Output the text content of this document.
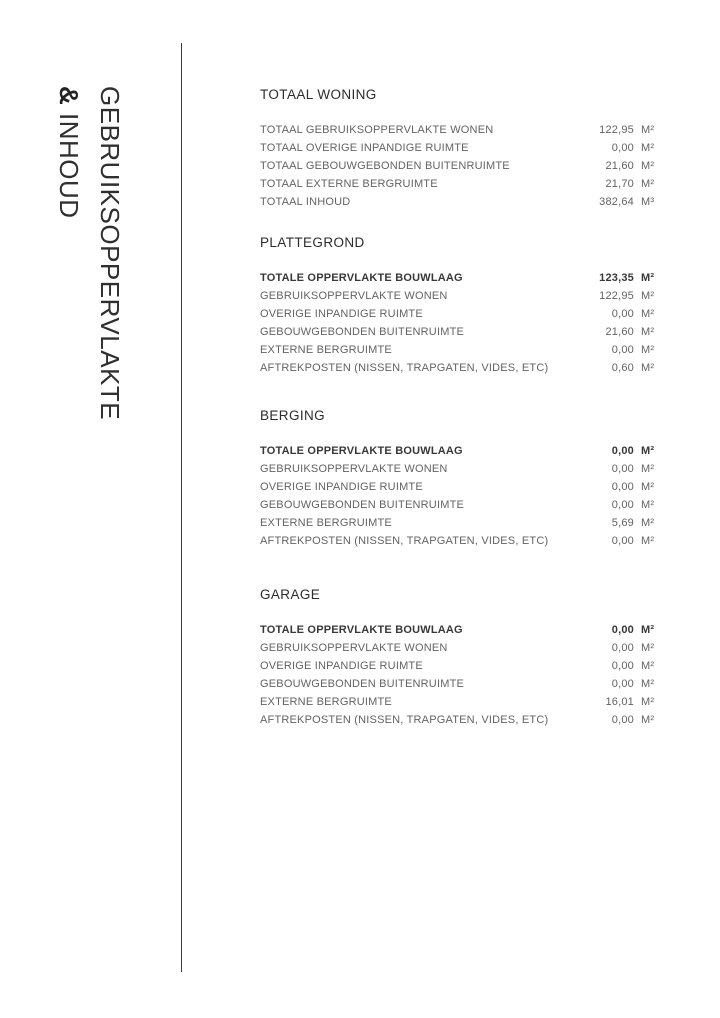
GEBRUIKSOPPERVLAKTE
& INHOUD
TOTAAL WONING
TOTAAL GEBRUIKSOPPERVLAKTE WONEN	122,95 M²
TOTAAL OVERIGE INPANDIGE RUIMTE	0,00 M²
TOTAAL GEBOUWGEBONDEN BUITENRUIMTE	21,60 M²
TOTAAL EXTERNE BERGRUIMTE	21,70 M²
TOTAAL INHOUD	382,64 M³
PLATTEGROND
TOTALE OPPERVLAKTE BOUWLAAG	123,35 M²
GEBRUIKSOPPERVLAKTE WONEN	122,95 M²
OVERIGE INPANDIGE RUIMTE	0,00 M²
GEBOUWGEBONDEN BUITENRUIMTE	21,60 M²
EXTERNE BERGRUIMTE	0,00 M²
AFTREKPOSTEN (NISSEN, TRAPGATEN, VIDES, ETC)	0,60 M²
BERGING
TOTALE OPPERVLAKTE BOUWLAAG	0,00 M²
GEBRUIKSOPPERVLAKTE WONEN	0,00 M²
OVERIGE INPANDIGE RUIMTE	0,00 M²
GEBOUWGEBONDEN BUITENRUIMTE	0,00 M²
EXTERNE BERGRUIMTE	5,69 M²
AFTREKPOSTEN (NISSEN, TRAPGATEN, VIDES, ETC)	0,00 M²
GARAGE
TOTALE OPPERVLAKTE BOUWLAAG	0,00 M²
GEBRUIKSOPPERVLAKTE WONEN	0,00 M²
OVERIGE INPANDIGE RUIMTE	0,00 M²
GEBOUWGEBONDEN BUITENRUIMTE	0,00 M²
EXTERNE BERGRUIMTE	16,01 M²
AFTREKPOSTEN (NISSEN, TRAPGATEN, VIDES, ETC)	0,00 M²
